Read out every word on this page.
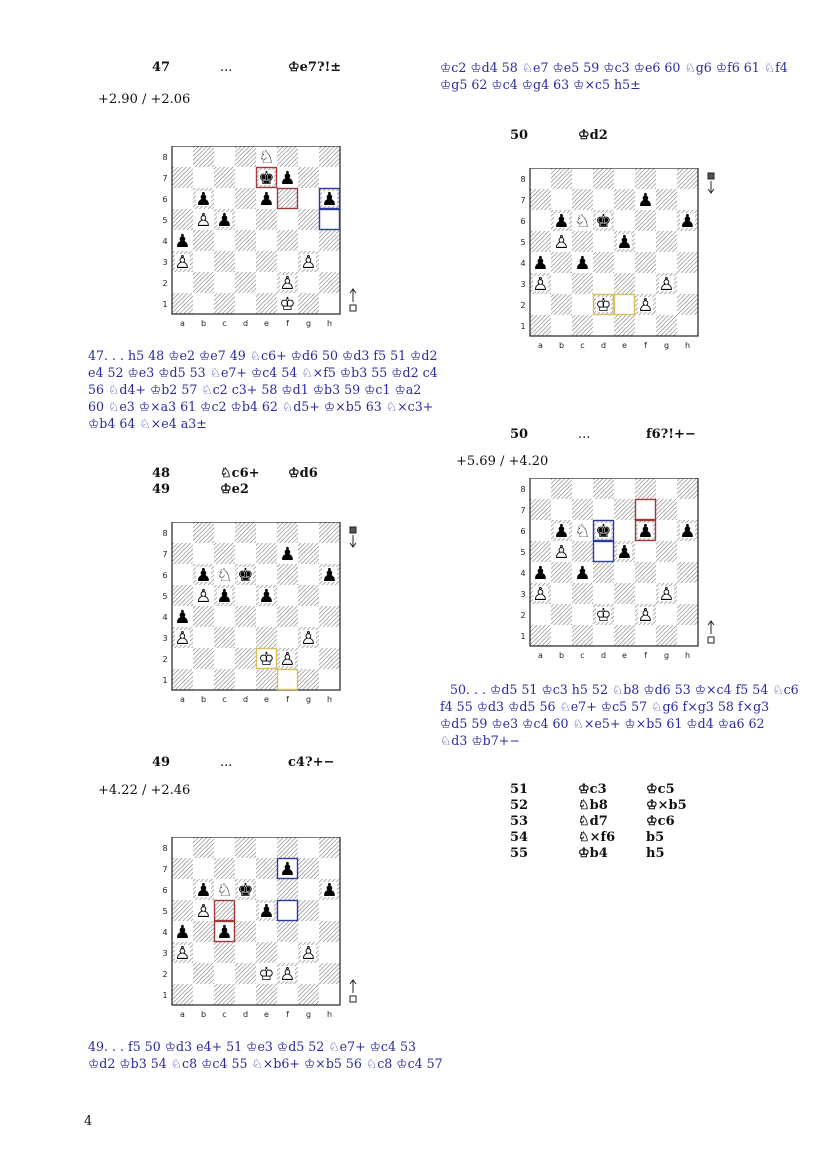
47	...	♔e7?!±
+2.90 / +2.06
♘
♚ ♟
♟	♟	♟
♙ ♟
♟
♙	♙
♙
♔
8
7
6
5
4
3
2
1
a b c d e f g h
47. . . h5 48 ♔e2 ♔e7 49 ♘c6+ ♔d6 50 ♔d3 f5 51 ♔d2
e4 52 ♔e3 ♔d5 53 ♘e7+ ♔c4 54 ♘×f5 ♔b3 55 ♔d2 c4
56 ♘d4+ ♔b2 57 ♘c2 c3+ 58 ♔d1 ♔b3 59 ♔c1 ♔a2
60 ♘e3 ♔×a3 61 ♔c2 ♔b4 62 ♘d5+ ♔×b5 63 ♘×c3+
♔b4 64 ♘×e4 a3±
48	♘c6+ ♔d6
49	♔e2
♟
♟ ♘ ♚	♟
♙ ♟ ♟
♟
♙	♙
♔ ♙
8
7
6
5
4
3
2
1
a b c d e f g h
49	...	c4?+−
+4.22 / +2.46
♟
♟ ♘ ♚	♟
♙	♟
♟ ♟
♙	♙
♔ ♙
8
7
6
5
4
3
2
1
a b c d e f g h
49. . . f5 50 ♔d3 e4+ 51 ♔e3 ♔d5 52 ♘e7+ ♔c4 53
♔d2 ♔b3 54 ♘c8 ♔c4 55 ♘×b6+ ♔×b5 56 ♘c8 ♔c4 57
♔c2 ♔d4 58 ♘e7 ♔e5 59 ♔c3 ♔e6 60 ♘g6 ♔f6 61 ♘f4
♔g5 62 ♔c4 ♔g4 63 ♔×c5 h5±
50	♔d2
♟
♟ ♘ ♚	♟
♙	♟
♟ ♟
♙	♙
♔ ♙
8
7
6
5
4
3
2
1
a b c d e f g h
50	...	f6?!+−
+5.69 / +4.20
♟ ♘ ♚ ♟ ♟
♙	♟
♟ ♟
♙	♙
♔ ♙
8
7
6
5
4
3
2
1
a b c d e f g h
50. . . ♔d5 51 ♔c3 h5 52 ♘b8 ♔d6 53 ♔×c4 f5 54 ♘c6
f4 55 ♔d3 ♔d5 56 ♘e7+ ♔c5 57 ♘g6 f×g3 58 f×g3
♔d5 59 ♔e3 ♔c4 60 ♘×e5+ ♔×b5 61 ♔d4 ♔a6 62
♘d3 ♔b7+−
51	♔c3	♔c5
52	♘b8	♔×b5
53	♘d7	♔c6
54	♘×f6 b5
55	♔b4	h5
4
